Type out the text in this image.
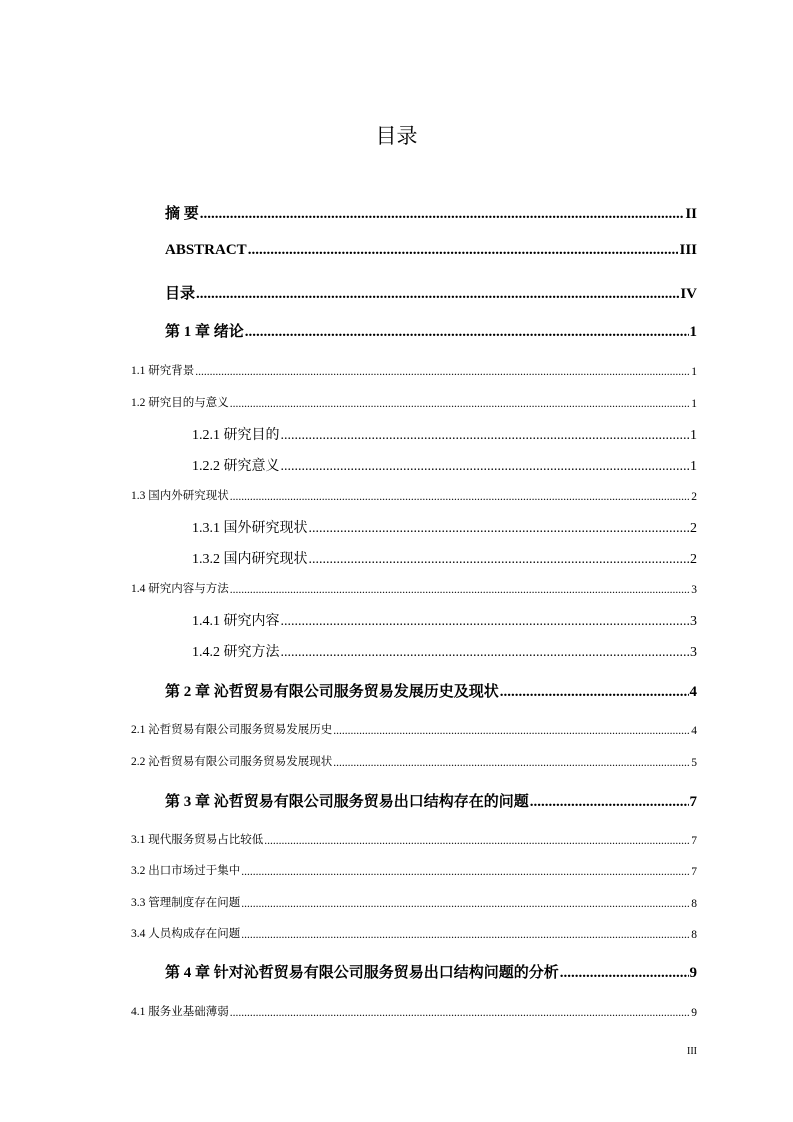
目录
摘 要 .....	II
ABSTRACT .....	III
目录 .....	IV
第 1 章 绪论 .....	1
1.1 研究背景 .....	1
1.2 研究目的与意义 .....	1
1.2.1 研究目的 .....	1
1.2.2 研究意义 .....	1
1.3 国内外研究现状 .....	2
1.3.1 国外研究现状 .....	2
1.3.2 国内研究现状 .....	2
1.4 研究内容与方法 .....	3
1.4.1 研究内容 .....	3
1.4.2 研究方法 .....	3
第 2 章 沁哲贸易有限公司服务贸易发展历史及现状 .....	4
2.1 沁哲贸易有限公司服务贸易发展历史 .....	4
2.2 沁哲贸易有限公司服务贸易发展现状 .....	5
第 3 章 沁哲贸易有限公司服务贸易出口结构存在的问题 .....	7
3.1 现代服务贸易占比较低 .....	7
3.2 出口市场过于集中 .....	7
3.3 管理制度存在问题 .....	8
3.4 人员构成存在问题 .....	8
第 4 章 针对沁哲贸易有限公司服务贸易出口结构问题的分析 .....	9
4.1 服务业基础薄弱 .....	9
III
